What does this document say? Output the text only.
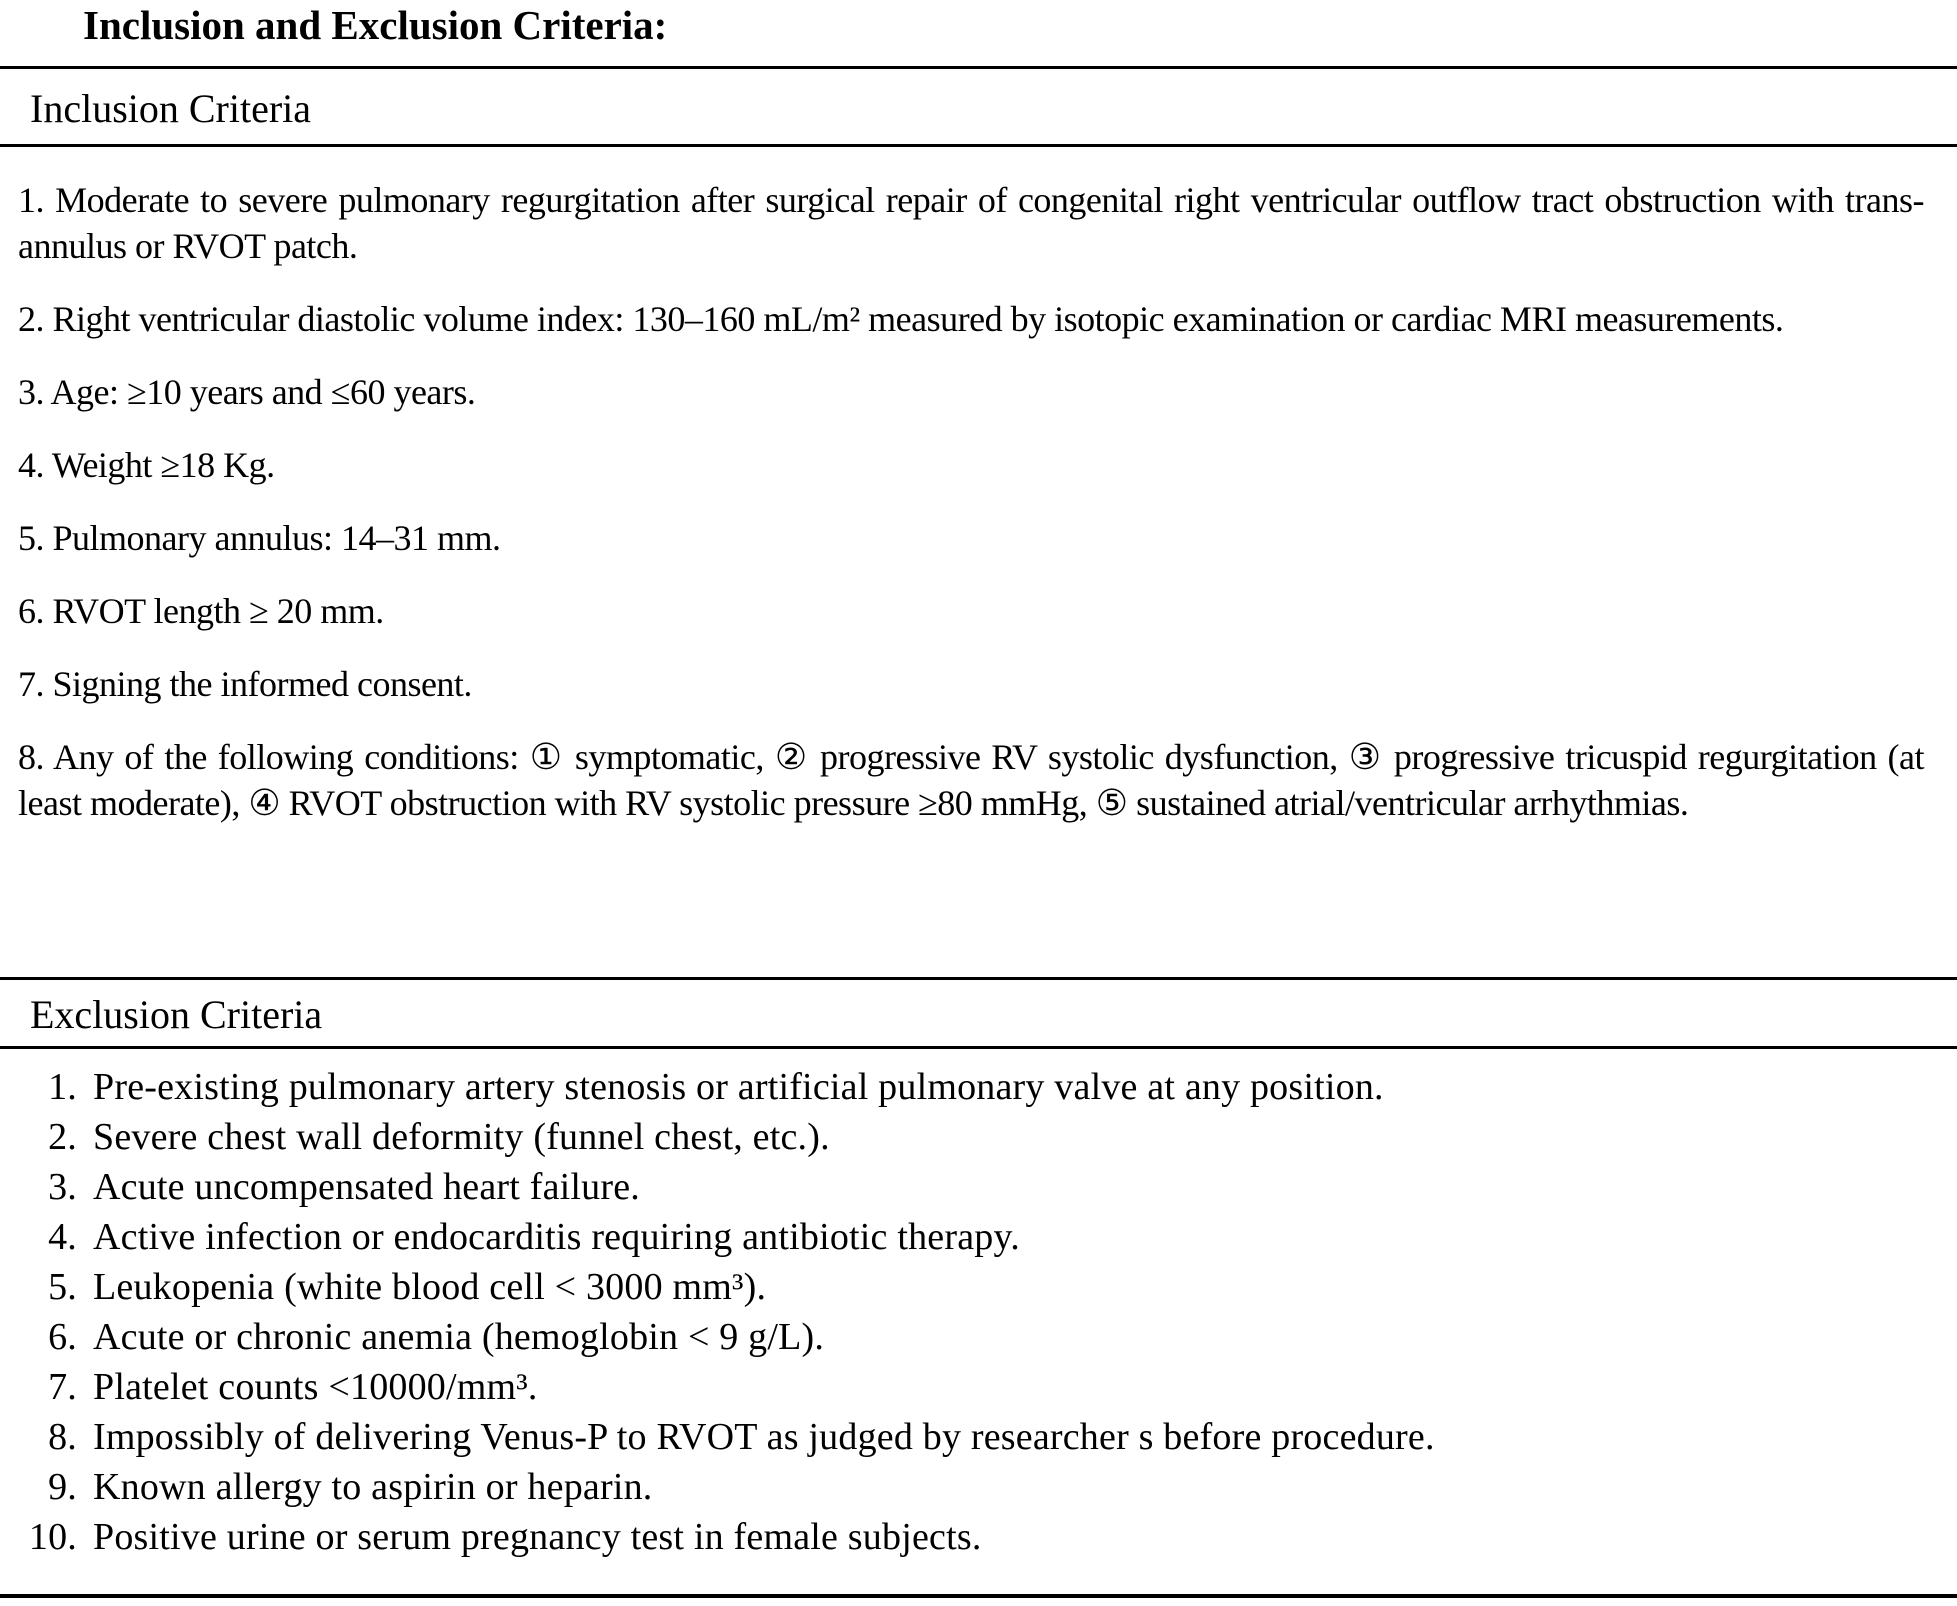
Inclusion and Exclusion Criteria:
Inclusion Criteria

1. Moderate to severe pulmonary regurgitation after surgical repair of congenital right ventricular outflow tract obstruction with trans-annulus or RVOT patch.

2. Right ventricular diastolic volume index: 130–160 mL/m² measured by isotopic examination or cardiac MRI measurements.

3. Age: ≥10 years and ≤60 years.

4. Weight ≥18 Kg.

5. Pulmonary annulus: 14–31 mm.

6. RVOT length ≥ 20 mm.

7. Signing the informed consent.

8. Any of the following conditions: ① symptomatic, ② progressive RV systolic dysfunction, ③ progressive tricuspid regurgitation (at least moderate), ④ RVOT obstruction with RV systolic pressure ≥80 mmHg, ⑤ sustained atrial/ventricular arrhythmias.

Exclusion Criteria
1. Pre-existing pulmonary artery stenosis or artificial pulmonary valve at any position.
2. Severe chest wall deformity (funnel chest, etc.).
3. Acute uncompensated heart failure.
4. Active infection or endocarditis requiring antibiotic therapy.
5. Leukopenia (white blood cell < 3000 mm³).
6. Acute or chronic anemia (hemoglobin < 9 g/L).
7. Platelet counts <10000/mm³.
8. Impossibly of delivering Venus-P to RVOT as judged by researcher s before procedure.
9. Known allergy to aspirin or heparin.
10. Positive urine or serum pregnancy test in female subjects.
